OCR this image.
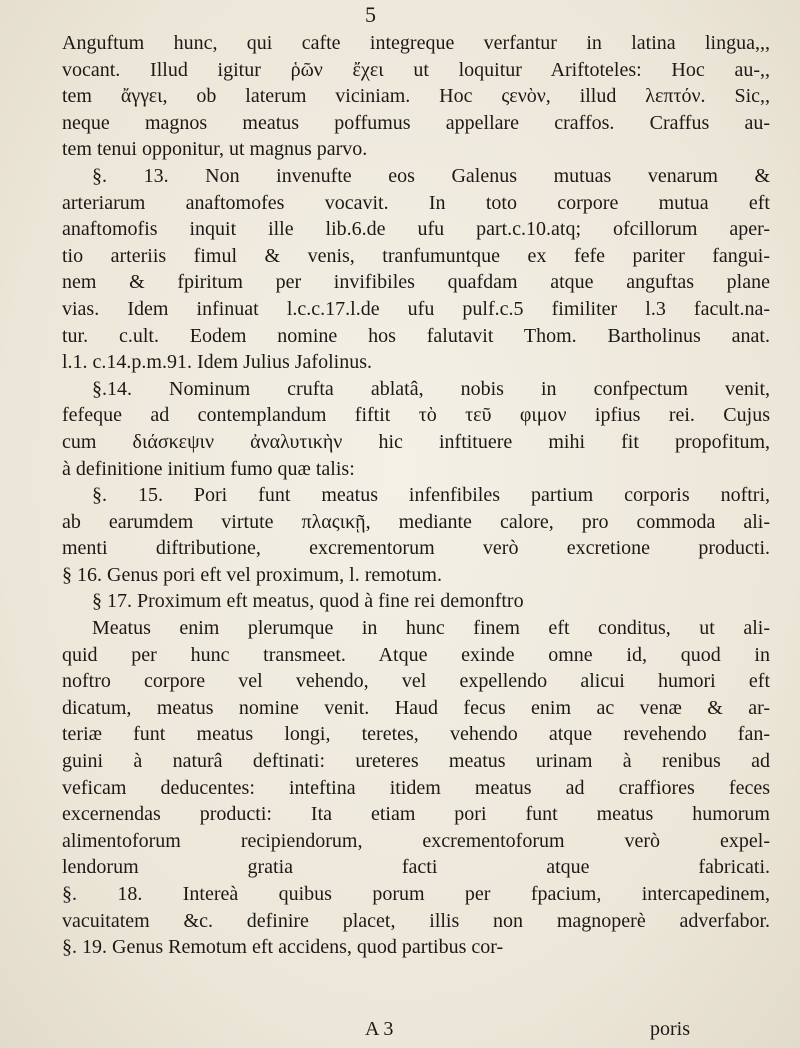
5
Anguftum hunc, qui cafte integreque verfantur in latina lingua,,,
vocant. Illud igitur ῥῶν ἔχει ut loquitur Ariftoteles: Hoc au-,,
tem ἄγγει, ob laterum viciniam. Hoc ςενὸν, illud λεπτόν. Sic,,
neque magnos meatus poffumus appellare craffos. Craffus au-
tem tenui opponitur, ut magnus parvo.
§. 13. Non invenufte eos Galenus mutuas venarum &
arteriarum anaftomofes vocavit. In toto corpore mutua eft
anaftomofis inquit ille lib.6.de ufu part.c.10.atq; ofcillorum aper-
tio arteriis fimul & venis, tranfumuntque ex fefe pariter fangui-
nem & fpiritum per invifibiles quafdam atque anguftas plane
vias. Idem infinuat l.c.c.17.l.de ufu pulf.c.5 fimiliter l.3 facult.na-
tur. c.ult. Eodem nomine hos falutavit Thom. Bartholinus anat.
l.1. c.14.p.m.91. Idem Julius Jafolinus.
§.14. Nominum crufta ablatâ, nobis in confpectum venit,
fefeque ad contemplandum fiftit τὸ τεῦ φιμον ipfius rei. Cujus
cum διάσκεψιν ἀναλυτικὴν hic inftituere mihi fit propofitum,
à definitione initium fumo quæ talis:
§. 15. Pori funt meatus infenfibiles partium corporis noftri,
ab earumdem virtute πλαςικῇ, mediante calore, pro commoda ali-
menti diftributione, excrementorum verò excretione producti.
§ 16. Genus pori eft vel proximum, l. remotum.
§ 17. Proximum eft meatus, quod à fine rei demonftro
Meatus enim plerumque in hunc finem eft conditus, ut ali-
quid per hunc transmeet. Atque exinde omne id, quod in
noftro corpore vel vehendo, vel expellendo alicui humori eft
dicatum, meatus nomine venit. Haud fecus enim ac venæ & ar-
teriæ funt meatus longi, teretes, vehendo atque revehendo fan-
guini à naturâ deftinati: ureteres meatus urinam à renibus ad
veficam deducentes: inteftina itidem meatus ad craffiores feces
excernendas producti: Ita etiam pori funt meatus humorum
alimentoforum recipiendorum, excrementoforum verò expel-
lendorum gratia facti atque fabricati.
§. 18. Intereà quibus porum per fpacium, intercapedinem,
vacuitatem &c. definire placet, illis non magnoperè adverfabor.
§. 19. Genus Remotum eft accidens, quod partibus cor-
A 3	poris
